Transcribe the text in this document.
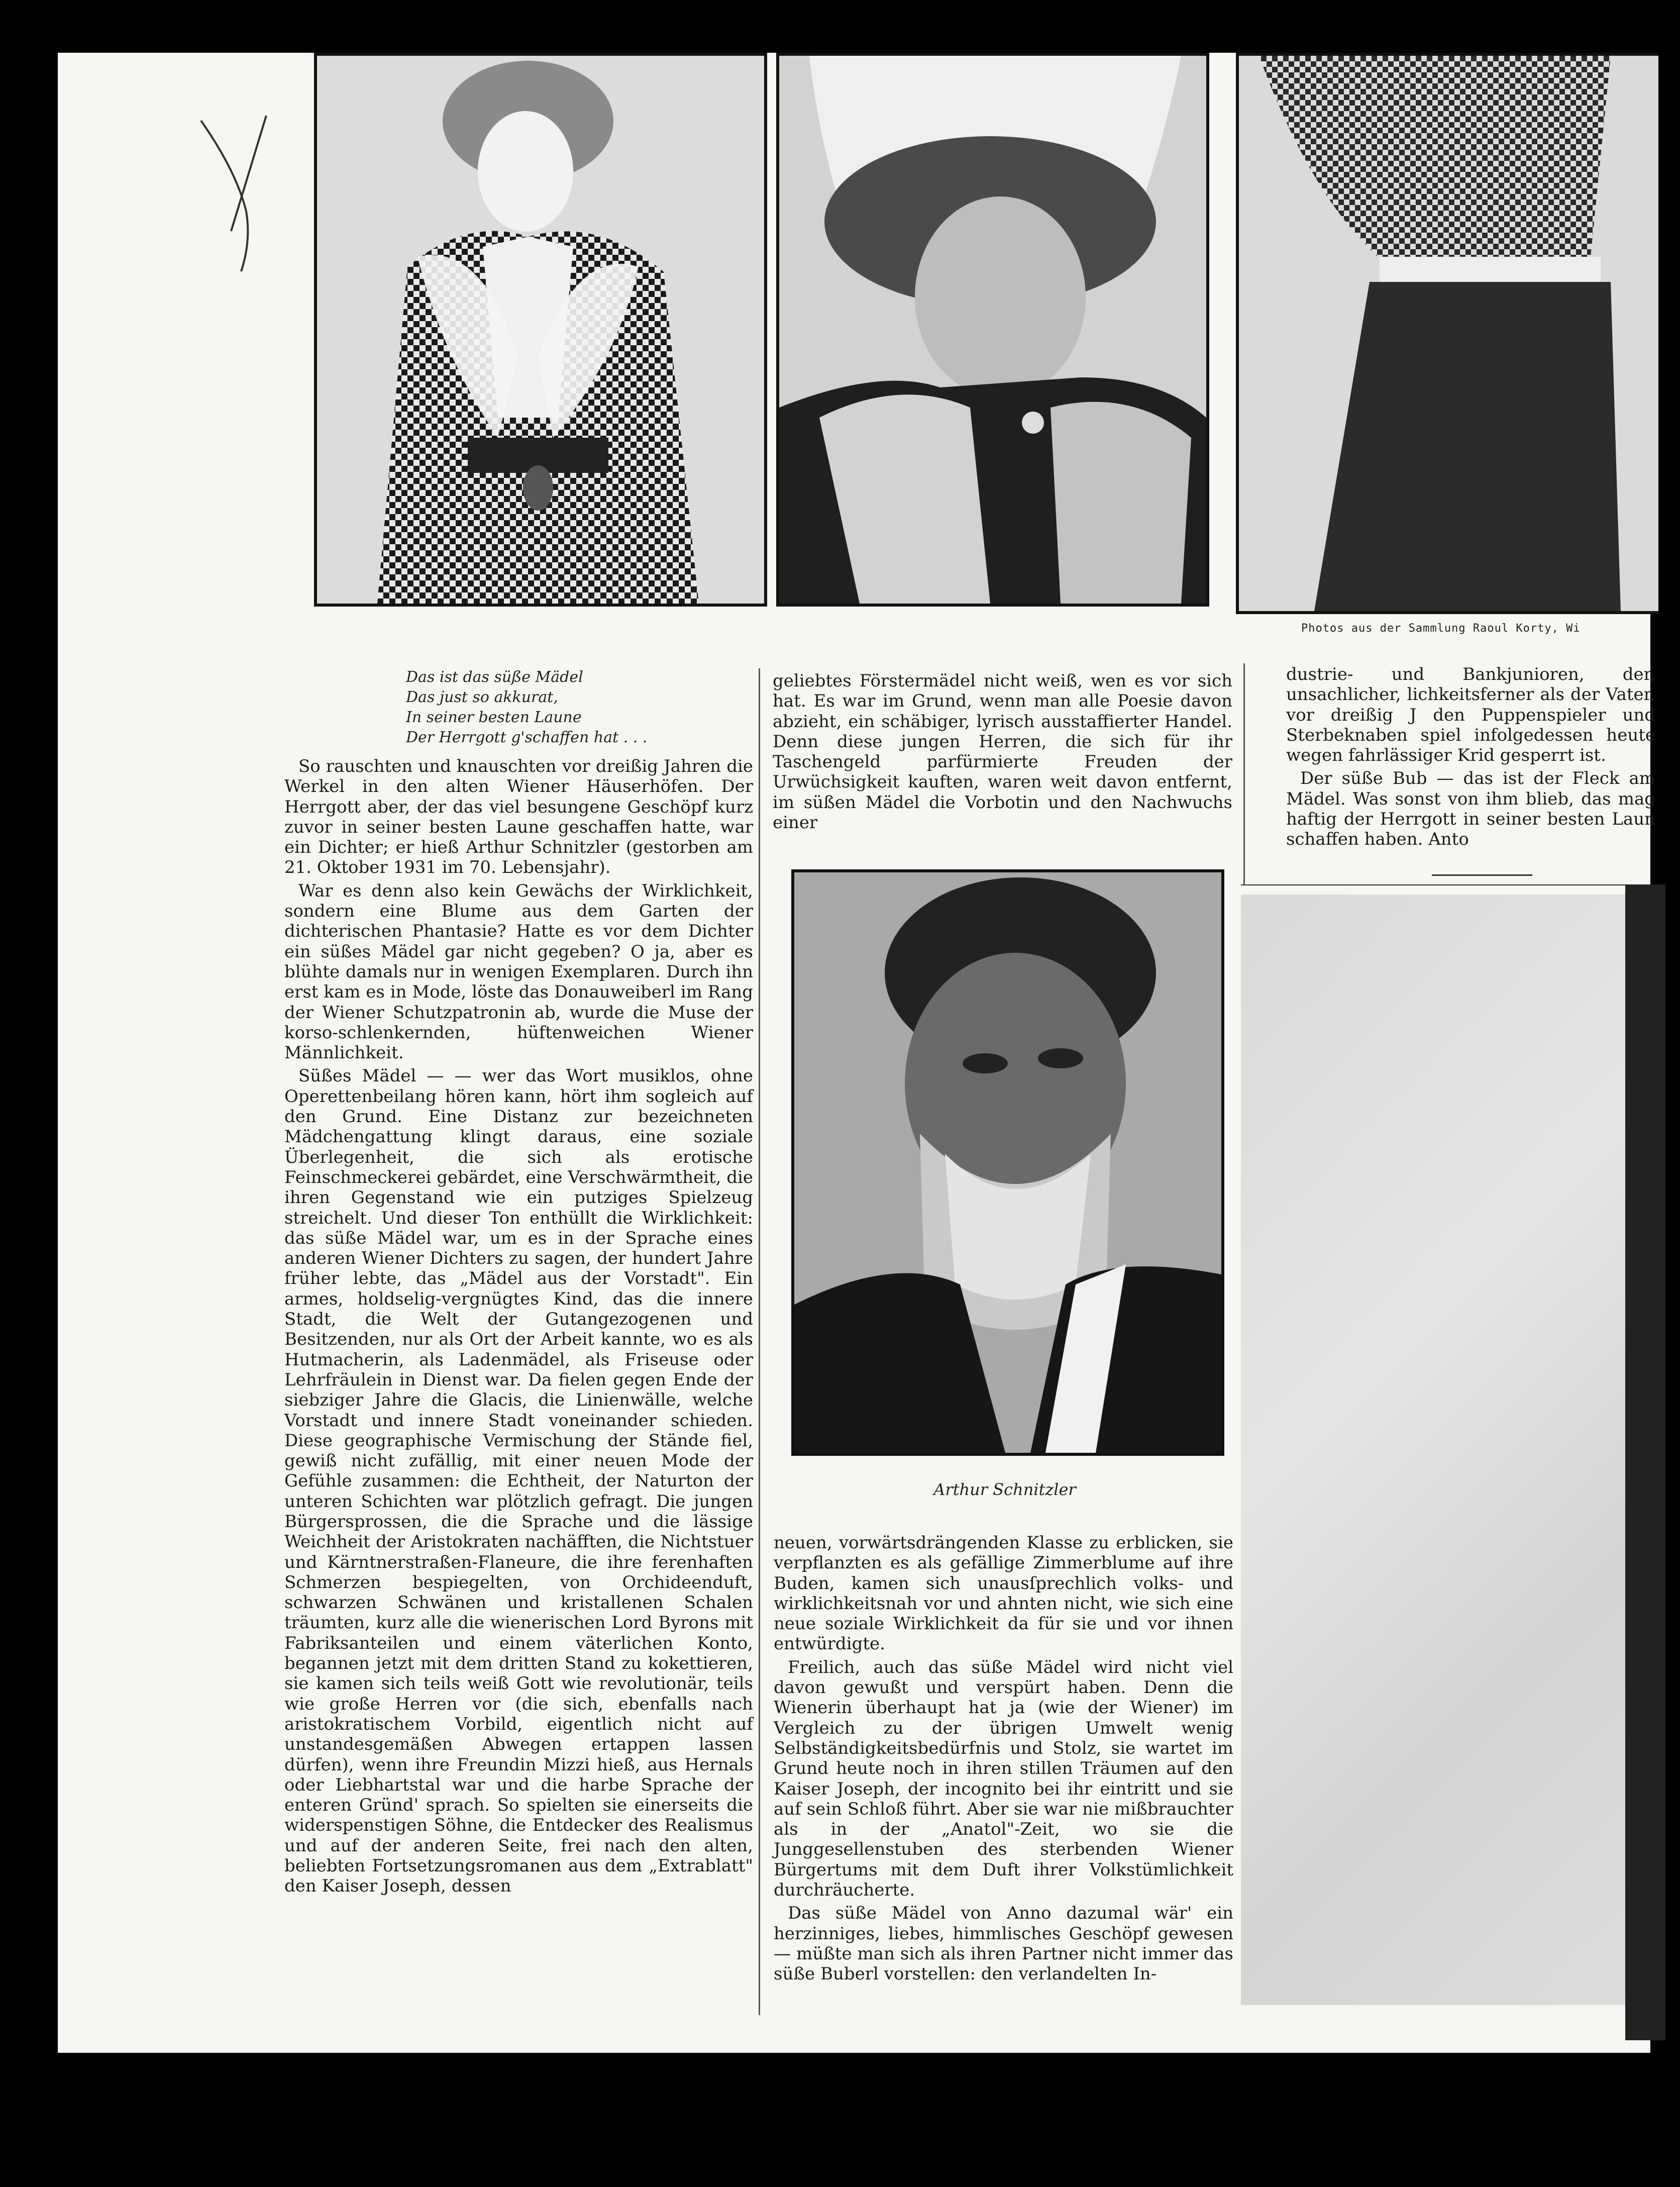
Photos aus der Sammlung Raoul Korty, Wi
Das ist das süße Mädel
Das just so akkurat,
In seiner besten Laune
Der Herrgott g'schaffen hat . . .

So rauschten und knauschten vor dreißig Jahren die Werkel in den alten Wiener Häuserhöfen. Der Herrgott aber, der das viel besungene Geschöpf kurz zuvor in seiner besten Laune geschaffen hatte, war ein Dichter; er hieß Arthur Schnitzler (gestorben am 21. Oktober 1931 im 70. Lebensjahr).

War es denn also kein Gewächs der Wirklichkeit, sondern eine Blume aus dem Garten der dichterischen Phantasie? Hatte es vor dem Dichter ein süßes Mädel gar nicht gegeben? O ja, aber es blühte damals nur in wenigen Exemplaren. Durch ihn erst kam es in Mode, löste das Donauweiberl im Rang der Wiener Schutzpatronin ab, wurde die Muse der korso-schlenkernden, hüftenweichen Wiener Männlichkeit.

Süßes Mädel — — wer das Wort musiklos, ohne Operettenbeilang hören kann, hört ihm sogleich auf den Grund. Eine Distanz zur bezeichneten Mädchengattung klingt daraus, eine soziale Überlegenheit, die sich als erotische Feinschmeckerei gebärdet, eine Verschwärmtheit, die ihren Gegenstand wie ein putziges Spielzeug streichelt. Und dieser Ton enthüllt die Wirklichkeit: das süße Mädel war, um es in der Sprache eines anderen Wiener Dichters zu sagen, der hundert Jahre früher lebte, das „Mädel aus der Vorstadt". Ein armes, holdselig-vergnügtes Kind, das die innere Stadt, die Welt der Gutangezogenen und Besitzenden, nur als Ort der Arbeit kannte, wo es als Hutmacherin, als Ladenmädel, als Friseuse oder Lehrfräulein in Dienst war. Da fielen gegen Ende der siebziger Jahre die Glacis, die Linienwälle, welche Vorstadt und innere Stadt voneinander schieden. Diese geographische Vermischung der Stände fiel, gewiß nicht zufällig, mit einer neuen Mode der Gefühle zusammen: die Echtheit, der Naturton der unteren Schichten war plötzlich gefragt. Die jungen Bürgersprossen, die die Sprache und die lässige Weichheit der Aristokraten nachäfften, die Nichtstuer und Kärntnerstraßen-Flaneure, die ihre ferenhaften Schmerzen bespiegelten, von Orchideenduft, schwarzen Schwänen und kristallenen Schalen träumten, kurz alle die wienerischen Lord Byrons mit Fabriksanteilen und einem väterlichen Konto, begannen jetzt mit dem dritten Stand zu kokettieren, sie kamen sich teils weiß Gott wie revolutionär, teils wie große Herren vor (die sich, ebenfalls nach aristokratischem Vorbild, eigentlich nicht auf unstandesgemäßen Abwegen ertappen lassen dürfen), wenn ihre Freundin Mizzi hieß, aus Hernals oder Liebhartstal war und die harbe Sprache der enteren Gründ' sprach. So spielten sie einerseits die widerspenstigen Söhne, die Entdecker des Realismus und auf der anderen Seite, frei nach den alten, beliebten Fortsetzungsromanen aus dem „Extrablatt" den Kaiser Joseph, dessen

geliebtes Förstermädel nicht weiß, wen es vor sich hat. Es war im Grund, wenn man alle Poesie davon abzieht, ein schäbiger, lyrisch ausstaffierter Handel. Denn diese jungen Herren, die sich für ihr Taschengeld parfürmierte Freuden der Urwüchsigkeit kauften, waren weit davon entfernt, im süßen Mädel die Vorbotin und den Nachwuchs einer

Arthur Schnitzler

neuen, vorwärtsdrängenden Klasse zu erblicken, sie verpflanzten es als gefällige Zimmerblume auf ihre Buden, kamen sich unausſprechlich volks- und wirklichkeitsnah vor und ahnten nicht, wie sich eine neue soziale Wirklichkeit da für sie und vor ihnen entwürdigte.

Freilich, auch das süße Mädel wird nicht viel davon gewußt und verspürt haben. Denn die Wienerin überhaupt hat ja (wie der Wiener) im Vergleich zu der übrigen Umwelt wenig Selbständigkeitsbedürfnis und Stolz, sie wartet im Grund heute noch in ihren stillen Träumen auf den Kaiser Joseph, der incognito bei ihr eintritt und sie auf sein Schloß führt. Aber sie war nie mißbrauchter als in der „Anatol"-Zeit, wo sie die Junggesellenstuben des sterbenden Wiener Bürgertums mit dem Duft ihrer Volkstümlichkeit durchräucherte.

Das süße Mädel von Anno dazumal wär' ein herzinniges, liebes, himmlisches Geschöpf gewesen — müßte man sich als ihren Partner nicht immer das süße Buberl vorstellen: den verlandelten In-

dustrie- und Bankjunioren, der, unsachlicher, lichkeitsferner als der Vater, vor dreißig J den Puppenspieler und Sterbeknaben spiel infolgedessen heute wegen fahrlässiger Krid gesperrt ist.

Der süße Bub — das ist der Fleck am Mädel. Was sonst von ihm blieb, das mag haftig der Herrgott in seiner besten Laun schaffen haben. Anto
